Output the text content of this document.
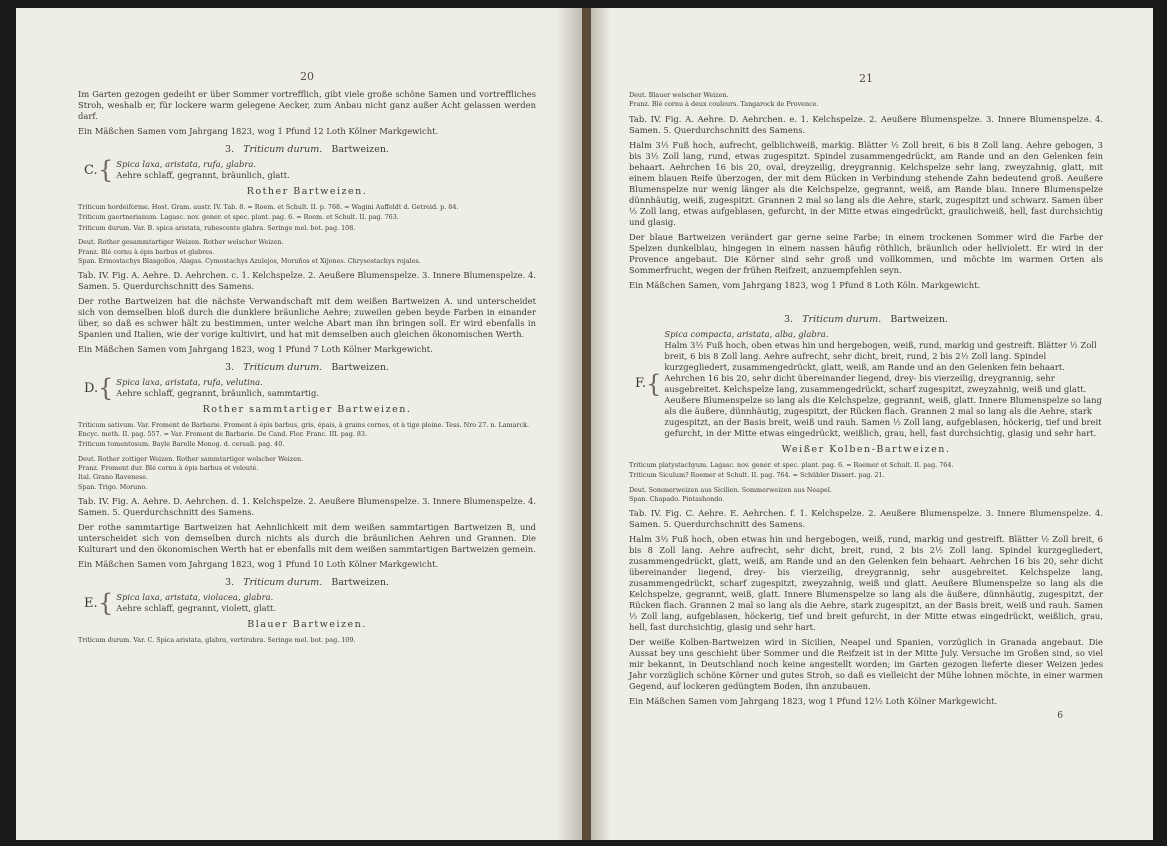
20

Im Garten gezogen gedeiht er über Sommer vortrefflich, gibt viele große schöne Samen und vortreffliches Stroh, weshalb er, für lockere warm gelegene Aecker, zum Anbau nicht ganz außer Acht gelassen werden darf.

Ein Mäßchen Samen vom Jahrgang 1823, wog 1 Pfund 12 Loth Kölner Markgewicht.

3. Triticum durum. Bartweizen.
C. { Spica laxa, aristata, rufa, glabra.
Aehre schlaff, gegrannt, bräunlich, glatt.
Rother Bartweizen.

Triticum hordeiforme. Host. Gram. austr. IV. Tab. 8. = Roem. et Schult. II. p. 768. = Wagini Auffeldt d. Getreid. p. 84.

Triticum gaertnerianum. Lagasc. nov. gener. et spec. plant. pag. 6. = Roem. et Schult. II. pag. 763.

Triticum durum. Var. B. spica aristata, rubescente glabra. Seringe mel. bot. pag. 108.

Deut. Rother gesammtartiger Weizen. Rother welscher Weizen.
Franz. Blé cornu à épis barbus et glabres.
Span. Ermostachys Blasgollos, Alagas. Cymostachys Azulejos, Moruños et Xijones. Chrysostachys rojales.

Tab. IV. Fig. A. Aehre. D. Aehrchen. c. 1. Kelchspelze. 2. Aeußere Blumenspelze. 3. Innere Blumenspelze. 4. Samen. 5. Querdurchschnitt des Samens.

Der rothe Bartweizen hat die nächste Verwandschaft mit dem weißen Bartweizen A. und unterscheidet sich von demselben bloß durch die dunklere bräunliche Aehre; zuweilen geben beyde Farben in einander über, so daß es schwer hält zu bestimmen, unter welche Abart man ihn bringen soll. Er wird ebenfalls in Spanien und Italien, wie der vorige kultivirt, und hat mit demselben auch gleichen ökonomischen Werth.

Ein Mäßchen Samen vom Jahrgang 1823, wog 1 Pfund 7 Loth Kölner Markgewicht.

3. Triticum durum. Bartweizen.
D. { Spica laxa, aristata, rufa, velutina.
Aehre schlaff, gegrannt, bräunlich, sammtartig.
Rother sammtartiger Bartweizen.

Triticum sativum. Var. Froment de Barbarie. Froment à épis barbus, gris, épais, à grains cornes, et à tige pleine. Tess. Nro 27. n. Lamarck. Encyc. meth. II. pag. 557. = Var. Froment de Barbarie. De Cand. Flor. Franc. III. pag. 83.

Triticum tomentosum. Bayle Barelle Monog. d. cereali. pag. 40.

Deut. Rother zottiger Weizen. Rother sammtartiger welscher Weizen.
Franz. Froment dur. Blé cornu à épis barbus et velouté.
Ital. Grano Ravenese.
Span. Trigo. Moruno.

Tab. IV. Fig. A. Aehre. D. Aehrchen. d. 1. Kelchspelze. 2. Aeußere Blumenspelze. 3. Innere Blumenspelze. 4. Samen. 5. Querdurchschnitt des Samens.

Der rothe sammtartige Bartweizen hat Aehnlichkeit mit dem weißen sammtartigen Bartweizen B, und unterscheidet sich von demselben durch nichts als durch die bräunlichen Aehren und Grannen. Die Kulturart und den ökonomischen Werth hat er ebenfalls mit dem weißen sammtartigen Bartweizen gemein.

Ein Mäßchen Samen vom Jahrgang 1823, wog 1 Pfund 10 Loth Kölner Markgewicht.

3. Triticum durum. Bartweizen.
E. { Spica laxa, aristata, violacea, glabra.
Aehre schlaff, gegrannt, violett, glatt.
Blauer Bartweizen.

Triticum durum. Var. C. Spica aristata, glabra, vertirubra. Seringe mel. bot. pag. 109.

21
Deut. Blauer welscher Weizen.
Franz. Blé cornu à deux couleurs. Tangarock de Provence.

Tab. IV. Fig. A. Aehre. D. Aehrchen. e. 1. Kelchspelze. 2. Aeußere Blumenspelze. 3. Innere Blumenspelze. 4. Samen. 5. Querdurchschnitt des Samens.

Halm 3½ Fuß hoch, aufrecht, gelblichweiß, markig. Blätter ½ Zoll breit, 6 bis 8 Zoll lang. Aehre gebogen, 3 bis 3½ Zoll lang, rund, etwas zugespitzt. Spindel zusammengedrückt, am Rande und an den Gelenken fein behaart. Aehrchen 16 bis 20, oval, dreyzeilig, dreygrannig. Kelchspelze sehr lang, zweyzahnig, glatt, mit einem blauen Reife überzogen, der mit dem Rücken in Verbindung stehende Zahn bedeutend groß. Aeußere Blumenspelze nur wenig länger als die Kelchspelze, gegrannt, weiß, am Rande blau. Innere Blumenspelze dünnhäutig, weiß, zugespitzt. Grannen 2 mal so lang als die Aehre, stark, zugespitzt und schwarz. Samen über ½ Zoll lang, etwas aufgeblasen, gefurcht, in der Mitte etwas eingedrückt, graulichweiß, hell, fast durchsichtig und glasig.

Der blaue Bartweizen verändert gar gerne seine Farbe; in einem trockenen Sommer wird die Farbe der Spelzen dunkelblau, hingegen in einem nassen häufig röthlich, bräunlich oder hellviolett. Er wird in der Provence angebaut. Die Körner sind sehr groß und vollkommen, und möchte im warmen Orten als Sommerfrucht, wegen der frühen Reifzeit, anzuempfehlen seyn.

Ein Mäßchen Samen, vom Jahrgang 1823, wog 1 Pfund 8 Loth Köln. Markgewicht.

3. Triticum durum. Bartweizen.
F. {
Spica compacta, aristata, alba, glabra.
Halm 3½ Fuß hoch, oben etwas hin und hergebogen, weiß, rund, markig und gestreift. Blätter ½ Zoll breit, 6 bis 8 Zoll lang. Aehre aufrecht, sehr dicht, breit, rund, 2 bis 2½ Zoll lang. Spindel kurzgegliedert, zusammengedrückt, glatt, weiß, am Rande und an den Gelenken fein behaart. Aehrchen 16 bis 20, sehr dicht übereinander liegend, drey- bis vierzeilig, dreygrannig, sehr ausgebreitet. Kelchspelze lang, zusammengedrückt, scharf zugespitzt, zweyzahnig, weiß und glatt. Aeußere Blumenspelze so lang als die Kelchspelze, gegrannt, weiß, glatt. Innere Blumenspelze so lang als die äußere, dünnhäutig, zugespitzt, der Rücken flach. Grannen 2 mal so lang als die Aehre, stark zugespitzt, an der Basis breit, weiß und rauh. Samen ½ Zoll lang, aufgeblasen, höckerig, tief und breit gefurcht, in der Mitte etwas eingedrückt, weißlich, grau, hell, fast durchsichtig, glasig und sehr hart.
Weißer Kolben-Bartweizen.

Triticum platystachyum. Lagasc. nov. gener. et spec. plant. pag. 6. = Roemer et Schult. II. pag. 764.

Triticum Siculum? Roemer et Schult. II. pag. 764. = Schübler Dissert. pag. 21.

Deut. Sommerweizen aus Sicilien. Sommerweizen aus Neapel.
Span. Chapado. Pintashondo.

Tab. IV. Fig. C. Aehre. E. Aehrchen. f. 1. Kelchspelze. 2. Aeußere Blumenspelze. 3. Innere Blumenspelze. 4. Samen. 5. Querdurchschnitt des Samens.

Halm 3½ Fuß hoch, oben etwas hin und hergebogen, weiß, rund, markig und gestreift. Blätter ½ Zoll breit, 6 bis 8 Zoll lang. Aehre aufrecht, sehr dicht, breit, rund, 2 bis 2½ Zoll lang. Spindel kurzgegliedert, zusammengedrückt, glatt, weiß, am Rande und an den Gelenken fein behaart. Aehrchen 16 bis 20, sehr dicht übereinander liegend, drey- bis vierzeilig, dreygrannig, sehr ausgebreitet. Kelchspelze lang, zusammengedrückt, scharf zugespitzt, zweyzahnig, weiß und glatt. Aeußere Blumenspelze so lang als die Kelchspelze, gegrannt, weiß, glatt. Innere Blumenspelze so lang als die äußere, dünnhäutig, zugespitzt, der Rücken flach. Grannen 2 mal so lang als die Aehre, stark zugespitzt, an der Basis breit, weiß und rauh. Samen ½ Zoll lang, aufgeblasen, höckerig, tief und breit gefurcht, in der Mitte etwas eingedrückt, weißlich, grau, hell, fast durchsichtig, glasig und sehr hart.

Der weiße Kolben-Bartweizen wird in Sicilien, Neapel und Spanien, vorzüglich in Granada angebaut. Die Aussat bey uns geschieht über Sommer und die Reifzeit ist in der Mitte July. Versuche im Großen sind, so viel mir bekannt, in Deutschland noch keine angestellt worden; im Garten gezogen lieferte dieser Weizen jedes Jahr vorzüglich schöne Körner und gutes Stroh, so daß es vielleicht der Mühe lohnen möchte, in einer warmen Gegend, auf lockeren gedüngtem Boden, ihn anzubauen.

Ein Mäßchen Samen vom Jahrgang 1823, wog 1 Pfund 12½ Loth Kölner Markgewicht.

6
